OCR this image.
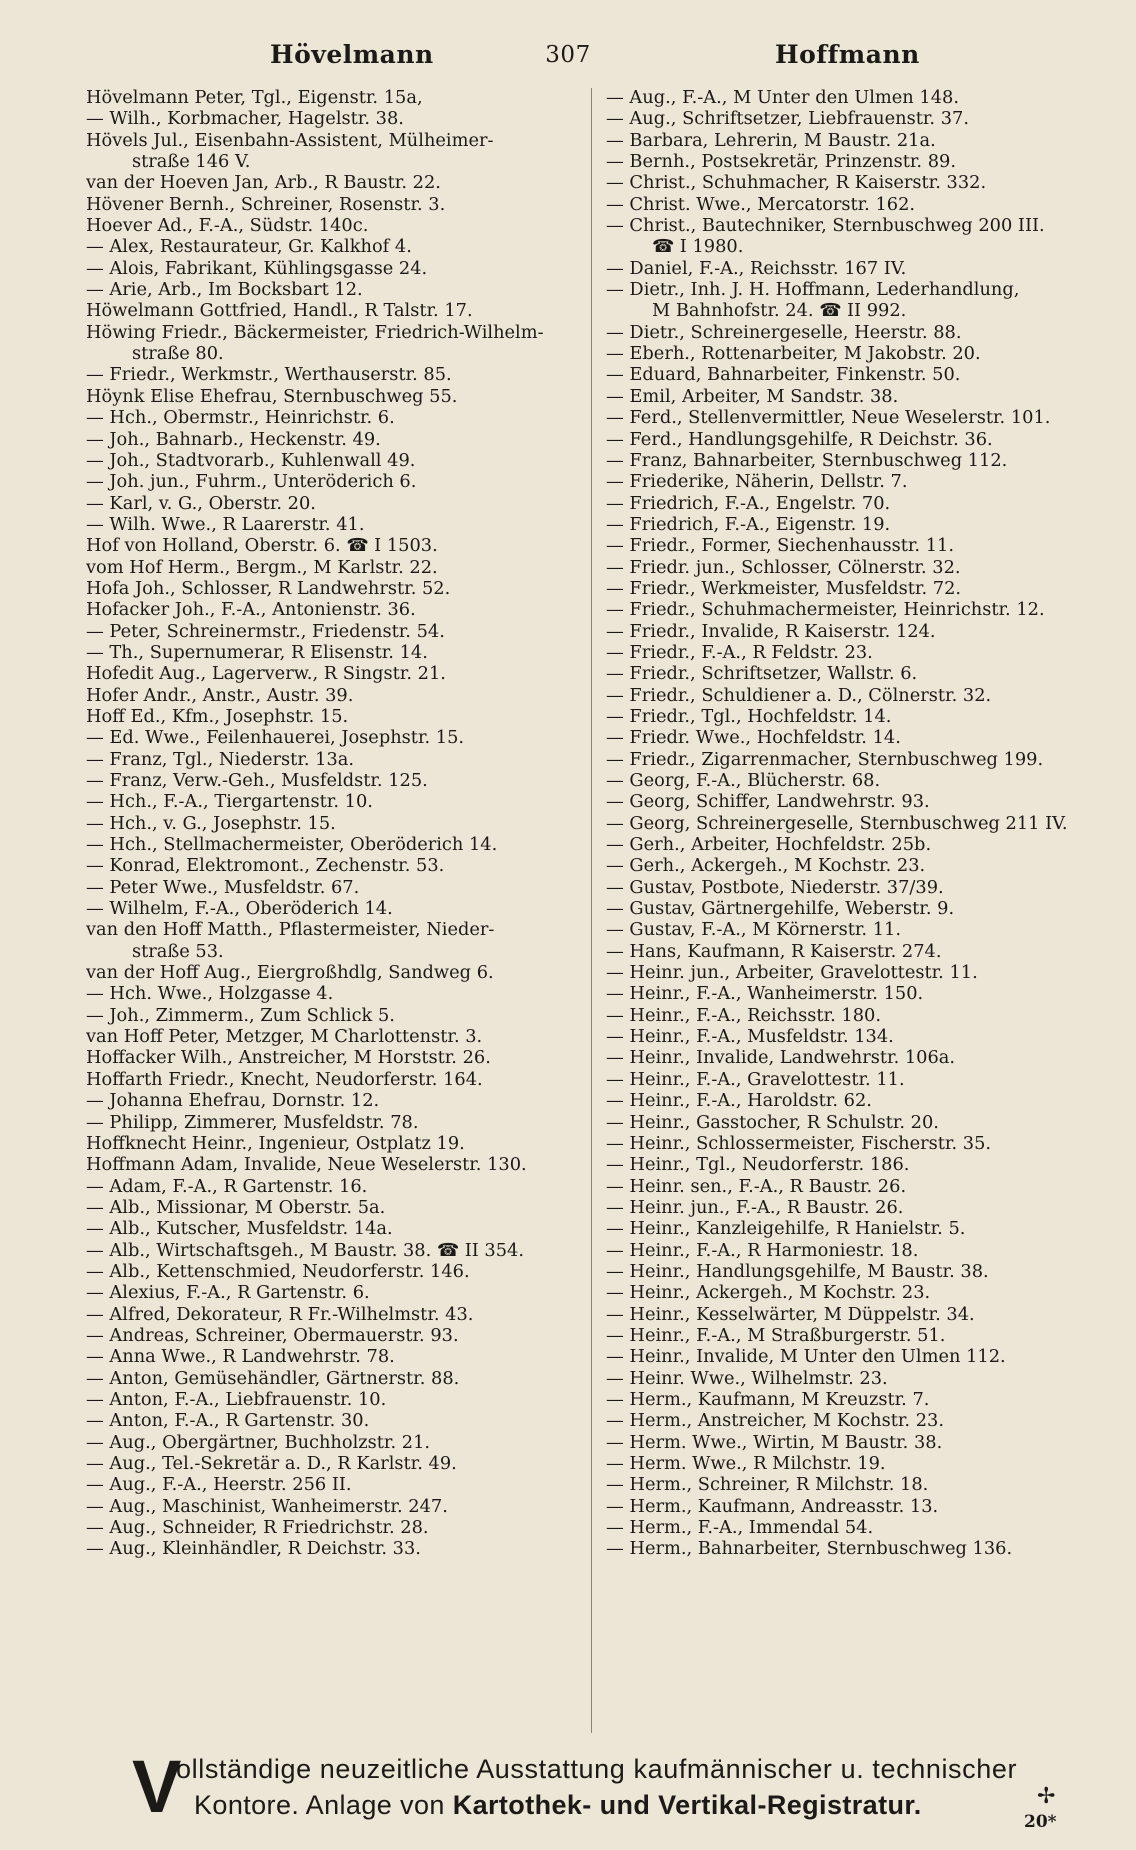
Hövelmann	307	Hoffmann
Hövelmann Peter, Tgl., Eigenstr. 15a,
— Wilh., Korbmacher, Hagelstr. 38.
Hövels Jul., Eisenbahn-Assistent, Mülheimer-
straße 146 V.
van der Hoeven Jan, Arb., R Baustr. 22.
Hövener Bernh., Schreiner, Rosenstr. 3.
Hoever Ad., F.-A., Südstr. 140c.
— Alex, Restaurateur, Gr. Kalkhof 4.
— Alois, Fabrikant, Kühlingsgasse 24.
— Arie, Arb., Im Bocksbart 12.
Höwelmann Gottfried, Handl., R Talstr. 17.
Höwing Friedr., Bäckermeister, Friedrich-Wilhelm-
straße 80.
— Friedr., Werkmstr., Werthauserstr. 85.
Höynk Elise Ehefrau, Sternbuschweg 55.
— Hch., Obermstr., Heinrichstr. 6.
— Joh., Bahnarb., Heckenstr. 49.
— Joh., Stadtvorarb., Kuhlenwall 49.
— Joh. jun., Fuhrm., Unteröderich 6.
— Karl, v. G., Oberstr. 20.
— Wilh. Wwe., R Laarerstr. 41.
Hof von Holland, Oberstr. 6. ☎ I 1503.
vom Hof Herm., Bergm., M Karlstr. 22.
Hofa Joh., Schlosser, R Landwehrstr. 52.
Hofacker Joh., F.-A., Antonienstr. 36.
— Peter, Schreinermstr., Friedenstr. 54.
— Th., Supernumerar, R Elisenstr. 14.
Hofedit Aug., Lagerverw., R Singstr. 21.
Hofer Andr., Anstr., Austr. 39.
Hoff Ed., Kfm., Josephstr. 15.
— Ed. Wwe., Feilenhauerei, Josephstr. 15.
— Franz, Tgl., Niederstr. 13a.
— Franz, Verw.-Geh., Musfeldstr. 125.
— Hch., F.-A., Tiergartenstr. 10.
— Hch., v. G., Josephstr. 15.
— Hch., Stellmachermeister, Oberöderich 14.
— Konrad, Elektromont., Zechenstr. 53.
— Peter Wwe., Musfeldstr. 67.
— Wilhelm, F.-A., Oberöderich 14.
van den Hoff Matth., Pflastermeister, Nieder-
straße 53.
van der Hoff Aug., Eiergroßhdlg, Sandweg 6.
— Hch. Wwe., Holzgasse 4.
— Joh., Zimmerm., Zum Schlick 5.
van Hoff Peter, Metzger, M Charlottenstr. 3.
Hoffacker Wilh., Anstreicher, M Horststr. 26.
Hoffarth Friedr., Knecht, Neudorferstr. 164.
— Johanna Ehefrau, Dornstr. 12.
— Philipp, Zimmerer, Musfeldstr. 78.
Hoffknecht Heinr., Ingenieur, Ostplatz 19.
Hoffmann Adam, Invalide, Neue Weselerstr. 130.
— Adam, F.-A., R Gartenstr. 16.
— Alb., Missionar, M Oberstr. 5a.
— Alb., Kutscher, Musfeldstr. 14a.
— Alb., Wirtschaftsgeh., M Baustr. 38. ☎ II 354.
— Alb., Kettenschmied, Neudorferstr. 146.
— Alexius, F.-A., R Gartenstr. 6.
— Alfred, Dekorateur, R Fr.-Wilhelmstr. 43.
— Andreas, Schreiner, Obermauerstr. 93.
— Anna Wwe., R Landwehrstr. 78.
— Anton, Gemüsehändler, Gärtnerstr. 88.
— Anton, F.-A., Liebfrauenstr. 10.
— Anton, F.-A., R Gartenstr. 30.
— Aug., Obergärtner, Buchholzstr. 21.
— Aug., Tel.-Sekretär a. D., R Karlstr. 49.
— Aug., F.-A., Heerstr. 256 II.
— Aug., Maschinist, Wanheimerstr. 247.
— Aug., Schneider, R Friedrichstr. 28.
— Aug., Kleinhändler, R Deichstr. 33.
— Aug., F.-A., M Unter den Ulmen 148.
— Aug., Schriftsetzer, Liebfrauenstr. 37.
— Barbara, Lehrerin, M Baustr. 21a.
— Bernh., Postsekretär, Prinzenstr. 89.
— Christ., Schuhmacher, R Kaiserstr. 332.
— Christ. Wwe., Mercatorstr. 162.
— Christ., Bautechniker, Sternbuschweg 200 III.
☎ I 1980.
— Daniel, F.-A., Reichsstr. 167 IV.
— Dietr., Inh. J. H. Hoffmann, Lederhandlung,
M Bahnhofstr. 24. ☎ II 992.
— Dietr., Schreinergeselle, Heerstr. 88.
— Eberh., Rottenarbeiter, M Jakobstr. 20.
— Eduard, Bahnarbeiter, Finkenstr. 50.
— Emil, Arbeiter, M Sandstr. 38.
— Ferd., Stellenvermittler, Neue Weselerstr. 101.
— Ferd., Handlungsgehilfe, R Deichstr. 36.
— Franz, Bahnarbeiter, Sternbuschweg 112.
— Friederike, Näherin, Dellstr. 7.
— Friedrich, F.-A., Engelstr. 70.
— Friedrich, F.-A., Eigenstr. 19.
— Friedr., Former, Siechenhausstr. 11.
— Friedr. jun., Schlosser, Cölnerstr. 32.
— Friedr., Werkmeister, Musfeldstr. 72.
— Friedr., Schuhmachermeister, Heinrichstr. 12.
— Friedr., Invalide, R Kaiserstr. 124.
— Friedr., F.-A., R Feldstr. 23.
— Friedr., Schriftsetzer, Wallstr. 6.
— Friedr., Schuldiener a. D., Cölnerstr. 32.
— Friedr., Tgl., Hochfeldstr. 14.
— Friedr. Wwe., Hochfeldstr. 14.
— Friedr., Zigarrenmacher, Sternbuschweg 199.
— Georg, F.-A., Blücherstr. 68.
— Georg, Schiffer, Landwehrstr. 93.
— Georg, Schreinergeselle, Sternbuschweg 211 IV.
— Gerh., Arbeiter, Hochfeldstr. 25b.
— Gerh., Ackergeh., M Kochstr. 23.
— Gustav, Postbote, Niederstr. 37/39.
— Gustav, Gärtnergehilfe, Weberstr. 9.
— Gustav, F.-A., M Körnerstr. 11.
— Hans, Kaufmann, R Kaiserstr. 274.
— Heinr. jun., Arbeiter, Gravelottestr. 11.
— Heinr., F.-A., Wanheimerstr. 150.
— Heinr., F.-A., Reichsstr. 180.
— Heinr., F.-A., Musfeldstr. 134.
— Heinr., Invalide, Landwehrstr. 106a.
— Heinr., F.-A., Gravelottestr. 11.
— Heinr., F.-A., Haroldstr. 62.
— Heinr., Gasstocher, R Schulstr. 20.
— Heinr., Schlossermeister, Fischerstr. 35.
— Heinr., Tgl., Neudorferstr. 186.
— Heinr. sen., F.-A., R Baustr. 26.
— Heinr. jun., F.-A., R Baustr. 26.
— Heinr., Kanzleigehilfe, R Hanielstr. 5.
— Heinr., F.-A., R Harmoniestr. 18.
— Heinr., Handlungsgehilfe, M Baustr. 38.
— Heinr., Ackergeh., M Kochstr. 23.
— Heinr., Kesselwärter, M Düppelstr. 34.
— Heinr., F.-A., M Straßburgerstr. 51.
— Heinr., Invalide, M Unter den Ulmen 112.
— Heinr. Wwe., Wilhelmstr. 23.
— Herm., Kaufmann, M Kreuzstr. 7.
— Herm., Anstreicher, M Kochstr. 23.
— Herm. Wwe., Wirtin, M Baustr. 38.
— Herm. Wwe., R Milchstr. 19.
— Herm., Schreiner, R Milchstr. 18.
— Herm., Kaufmann, Andreasstr. 13.
— Herm., F.-A., Immendal 54.
— Herm., Bahnarbeiter, Sternbuschweg 136.
V
ollständige neuzeitliche Ausstattung kaufmännischer u. technischer
Kontore. Anlage von Kartothek- und Vertikal-Registratur.	✢
20*
